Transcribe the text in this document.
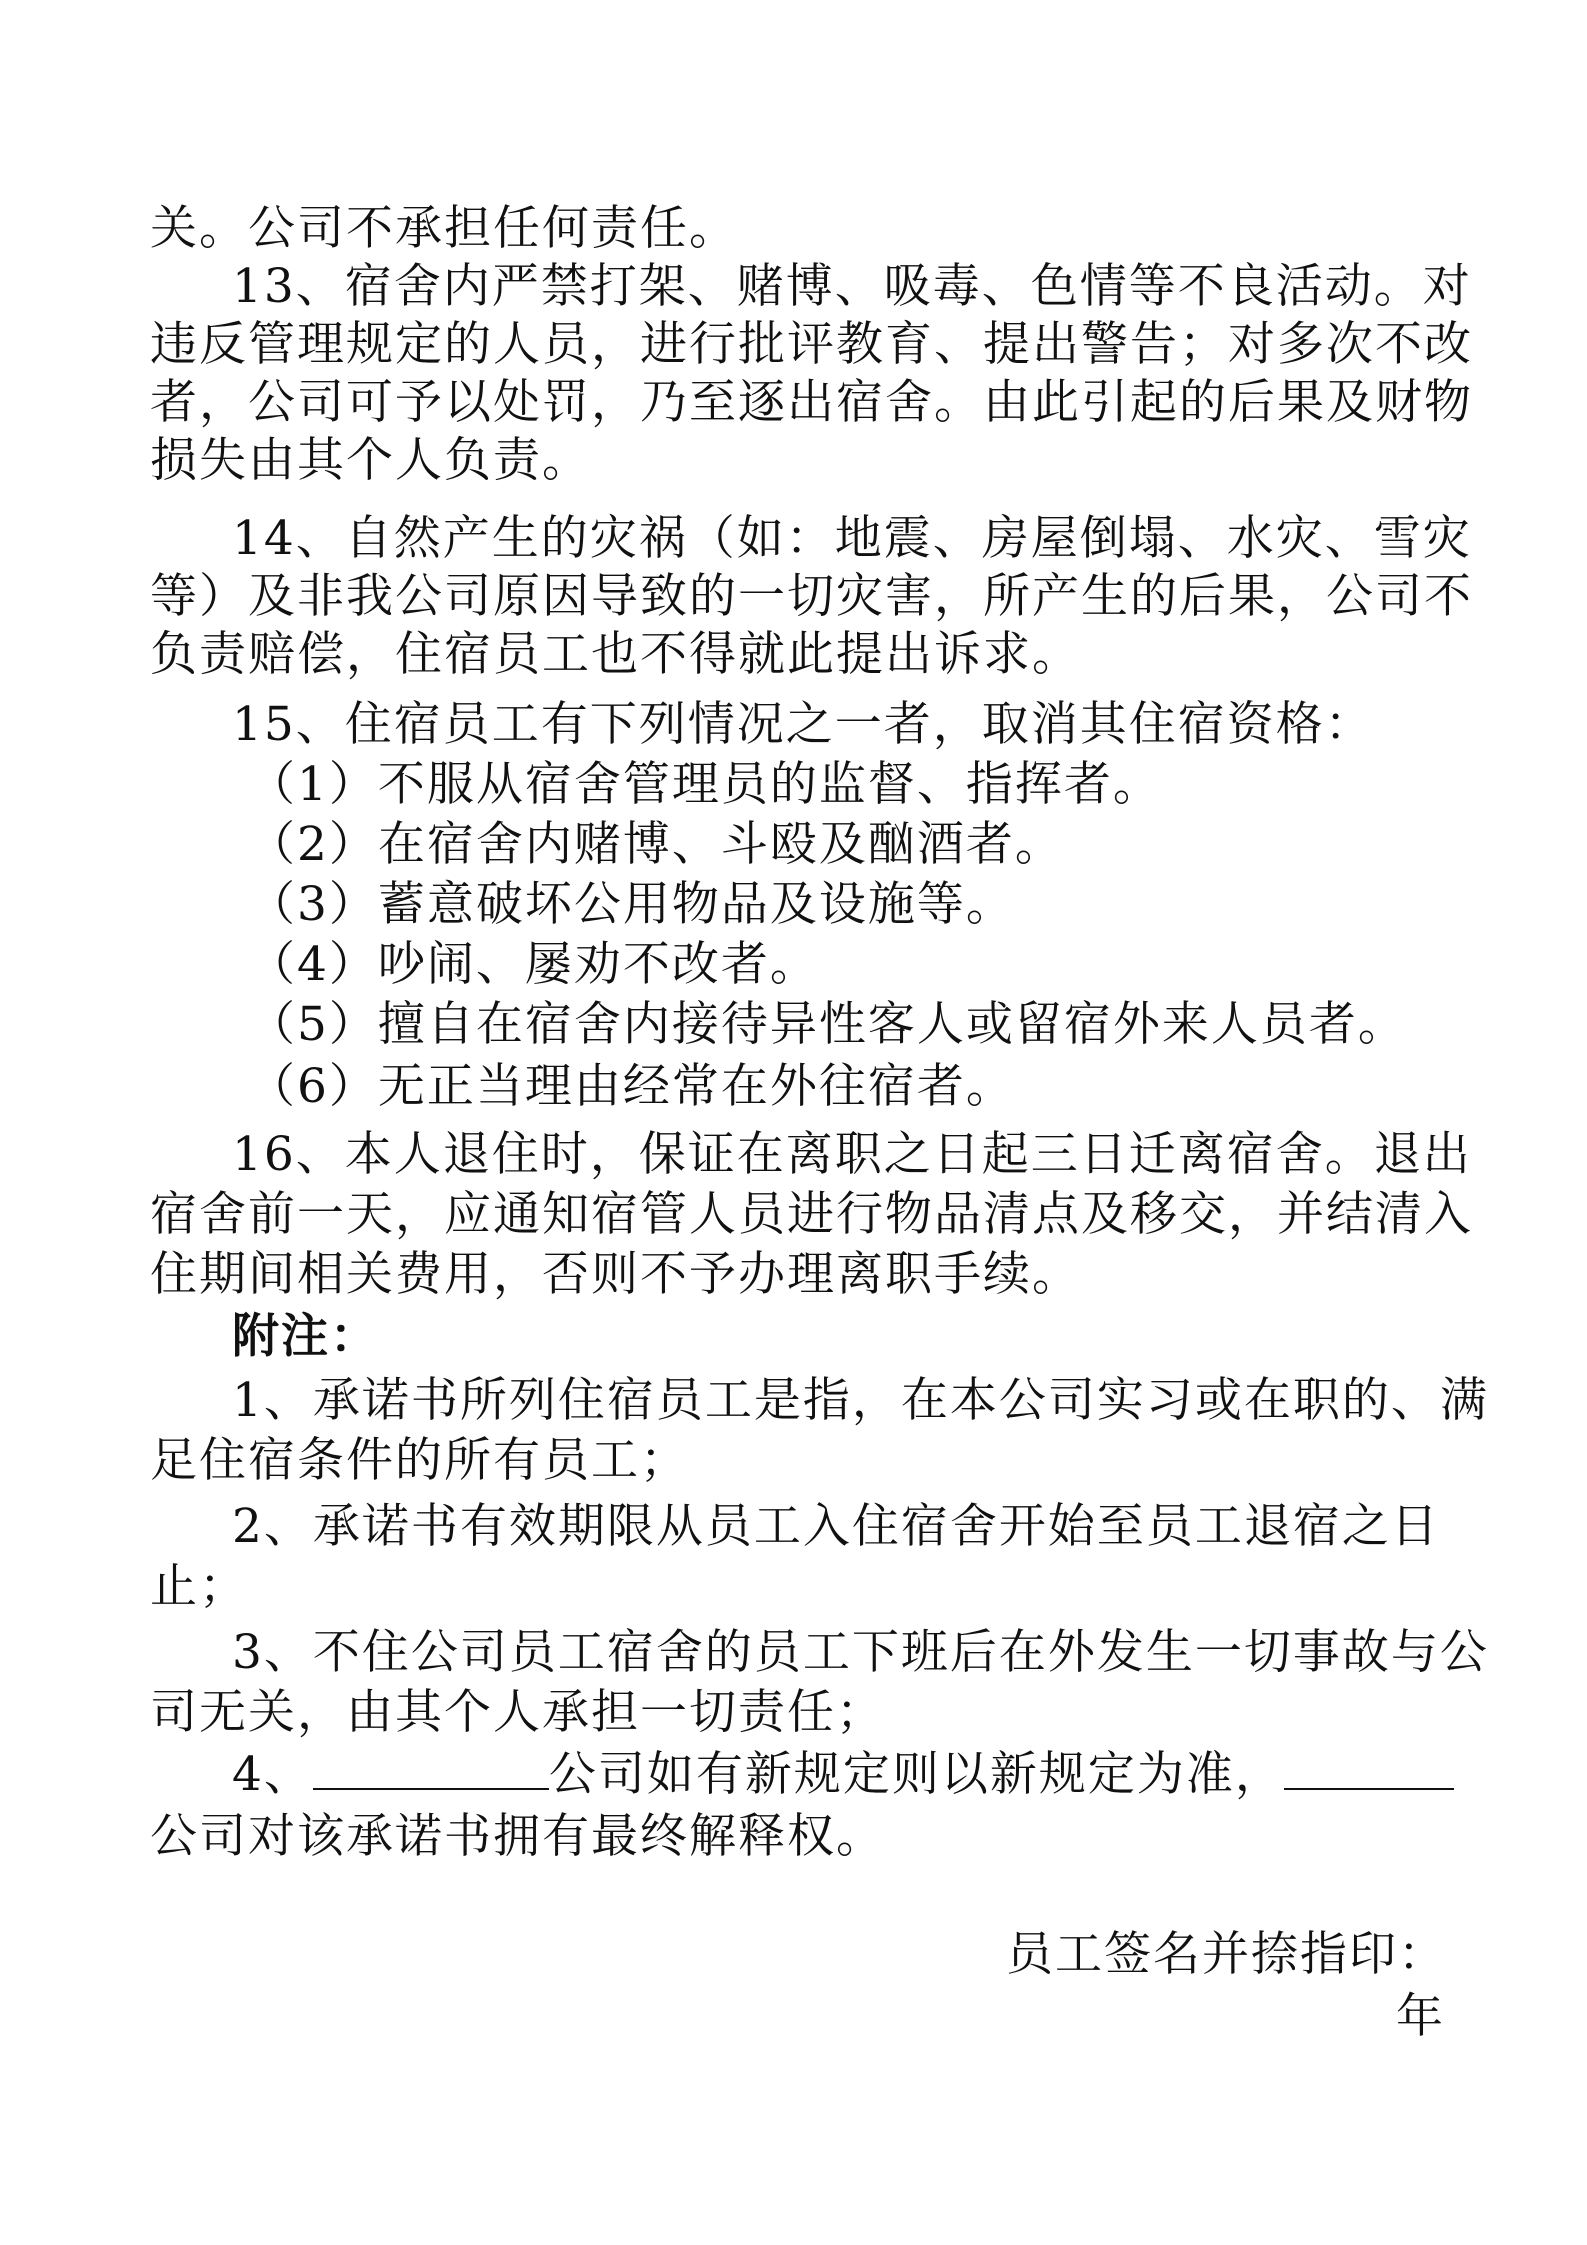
关。公司不承担任何责任。
13、宿舍内严禁打架、赌博、吸毒、色情等不良活动。对
违反管理规定的人员，进行批评教育、提出警告；对多次不改
者，公司可予以处罚，乃至逐出宿舍。由此引起的后果及财物
损失由其个人负责。
14、自然产生的灾祸（如：地震、房屋倒塌、水灾、雪灾
等）及非我公司原因导致的一切灾害，所产生的后果，公司不
负责赔偿，住宿员工也不得就此提出诉求。
15、住宿员工有下列情况之一者，取消其住宿资格：
（1）不服从宿舍管理员的监督、指挥者。
（2）在宿舍内赌博、斗殴及酗酒者。
（3）蓄意破坏公用物品及设施等。
（4）吵闹、屡劝不改者。
（5）擅自在宿舍内接待异性客人或留宿外来人员者。
（6）无正当理由经常在外往宿者。
16、本人退住时，保证在离职之日起三日迁离宿舍。退出
宿舍前一天，应通知宿管人员进行物品清点及移交，并结清入
住期间相关费用，否则不予办理离职手续。
附注：
1、承诺书所列住宿员工是指，在本公司实习或在职的、满
足住宿条件的所有员工；
2、承诺书有效期限从员工入住宿舍开始至员工退宿之日
止；
3、不住公司员工宿舍的员工下班后在外发生一切事故与公
司无关，由其个人承担一切责任；
4、	公司如有新规定则以新规定为准，
公司对该承诺书拥有最终解释权。
员工签名并捺指印：
年
